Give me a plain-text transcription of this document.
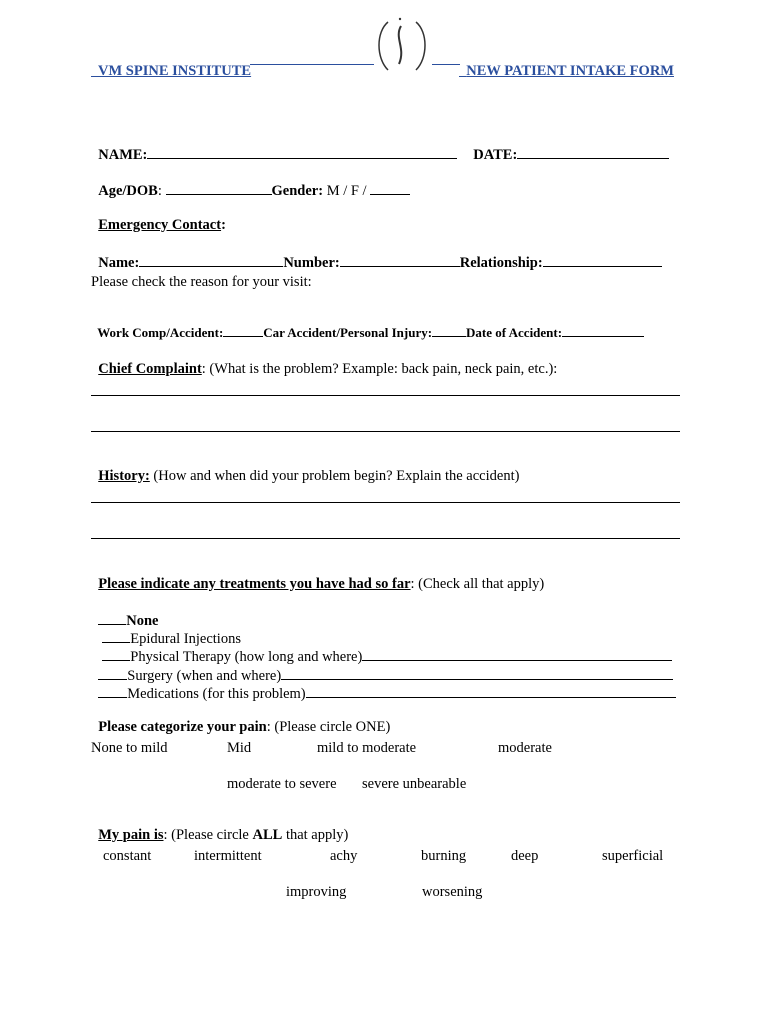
VM SPINE INSTITUTE	NEW PATIENT INTAKE FORM

NAME:	DATE:

Age/DOB:	Gender: M / F /

Emergency Contact:

Name:	Number:	Relationship:

Please check the reason for your visit:

Work Comp/Accident:	Car Accident/Personal Injury:	Date of Accident:

Chief Complaint: (What is the problem? Example: back pain, neck pain, etc.):

History: (How and when did your problem begin? Explain the accident)

Please indicate any treatments you have had so far: (Check all that apply)

None

Epidural Injections

Physical Therapy (how long and where)

Surgery (when and where)

Medications (for this problem)

Please categorize your pain: (Please circle ONE)

None to mild	Mid	mild to moderate	moderate
moderate to severe severe unbearable

My pain is: (Please circle ALL that apply)

constant	intermittent	achy	burning	deep	superficial
improving	worsening
